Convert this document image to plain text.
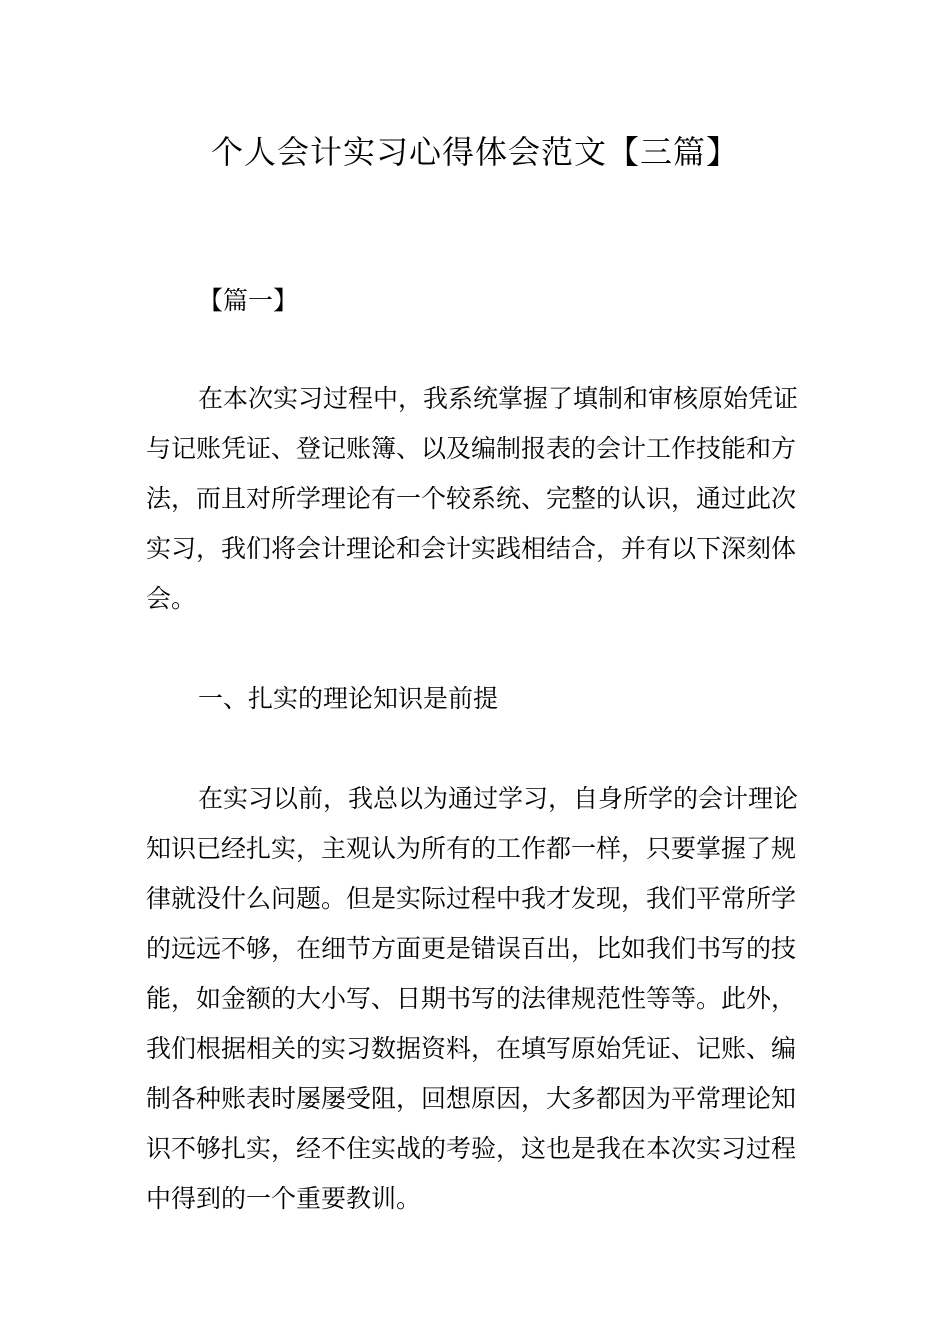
个人会计实习心得体会范文【三篇】

【篇一】

在本次实习过程中，我系统掌握了填制和审核原始凭证与记账凭证、登记账簿、以及编制报表的会计工作技能和方法，而且对所学理论有一个较系统、完整的认识，通过此次实习，我们将会计理论和会计实践相结合，并有以下深刻体会。

一、扎实的理论知识是前提

在实习以前，我总以为通过学习，自身所学的会计理论知识已经扎实，主观认为所有的工作都一样，只要掌握了规律就没什么问题。但是实际过程中我才发现，我们平常所学的远远不够，在细节方面更是错误百出，比如我们书写的技能，如金额的大小写、日期书写的法律规范性等等。此外，我们根据相关的实习数据资料，在填写原始凭证、记账、编制各种账表时屡屡受阻，回想原因，大多都因为平常理论知识不够扎实，经不住实战的考验，这也是我在本次实习过程中得到的一个重要教训。
